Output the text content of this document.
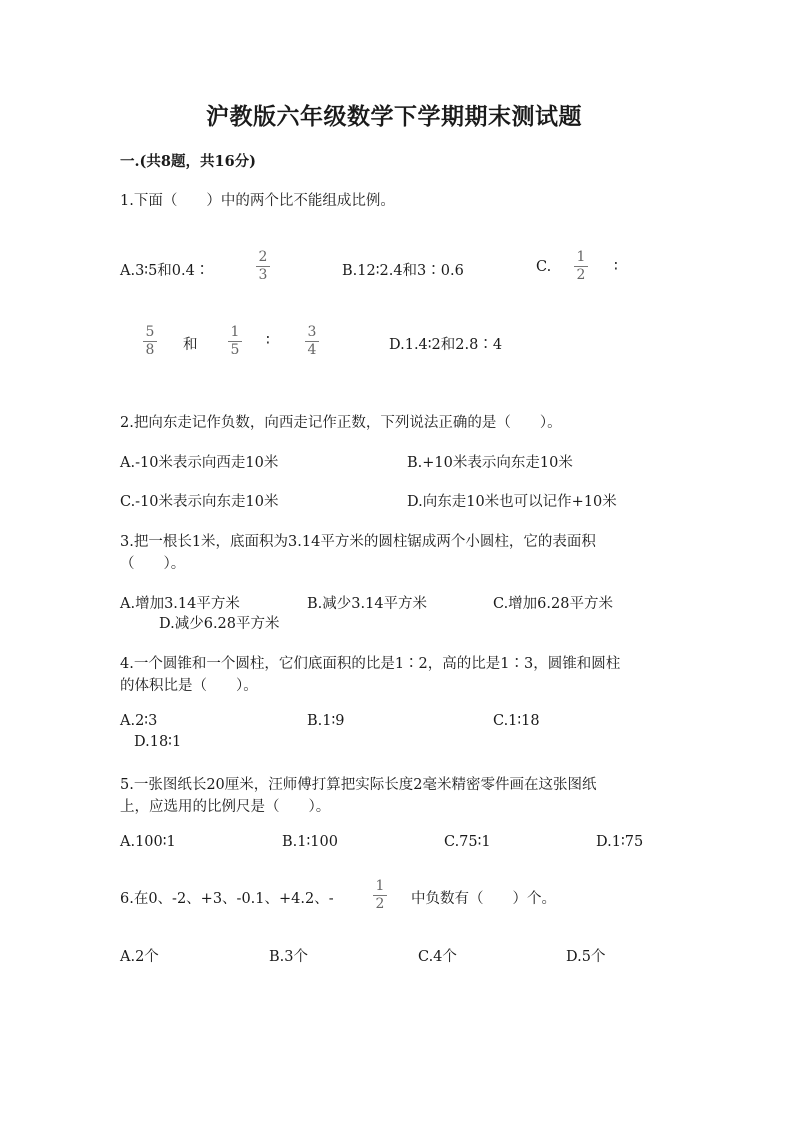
沪教版六年级数学下学期期末测试题
一.(共8题，共16分)
1.下面（　　）中的两个比不能组成比例。
A.3∶5和0.4∶
2
3	B.12∶2.4和3∶0.6	C.
1
2 ∶
5
8 和
1
5
∶
3
4	D.1.4∶2和2.8∶4
2.把向东走记作负数，向西走记作正数，下列说法正确的是（　　）。
A.-10米表示向西走10米	B.+10米表示向东走10米
C.-10米表示向东走10米	D.向东走10米也可以记作+10米
3.把一根长1米，底面积为3.14平方米的圆柱锯成两个小圆柱，它的表面积
（　　）。
A.增加3.14平方米	B.减少3.14平方米	C.增加6.28平方米
D.减少6.28平方米
4.一个圆锥和一个圆柱，它们底面积的比是1∶2，高的比是1∶3，圆锥和圆柱
的体积比是（　　）。
A.2∶3	B.1∶9	C.1∶18
D.18∶1
5.一张图纸长20厘米，汪师傅打算把实际长度2毫米精密零件画在这张图纸
上，应选用的比例尺是（　　）。
A.100∶1	B.1∶100	C.75∶1	D.1∶75
6.在0、-2、+3、-0.1、+4.2、-
1
2 中负数有（　　）个。
A.2个	B.3个	C.4个	D.5个
